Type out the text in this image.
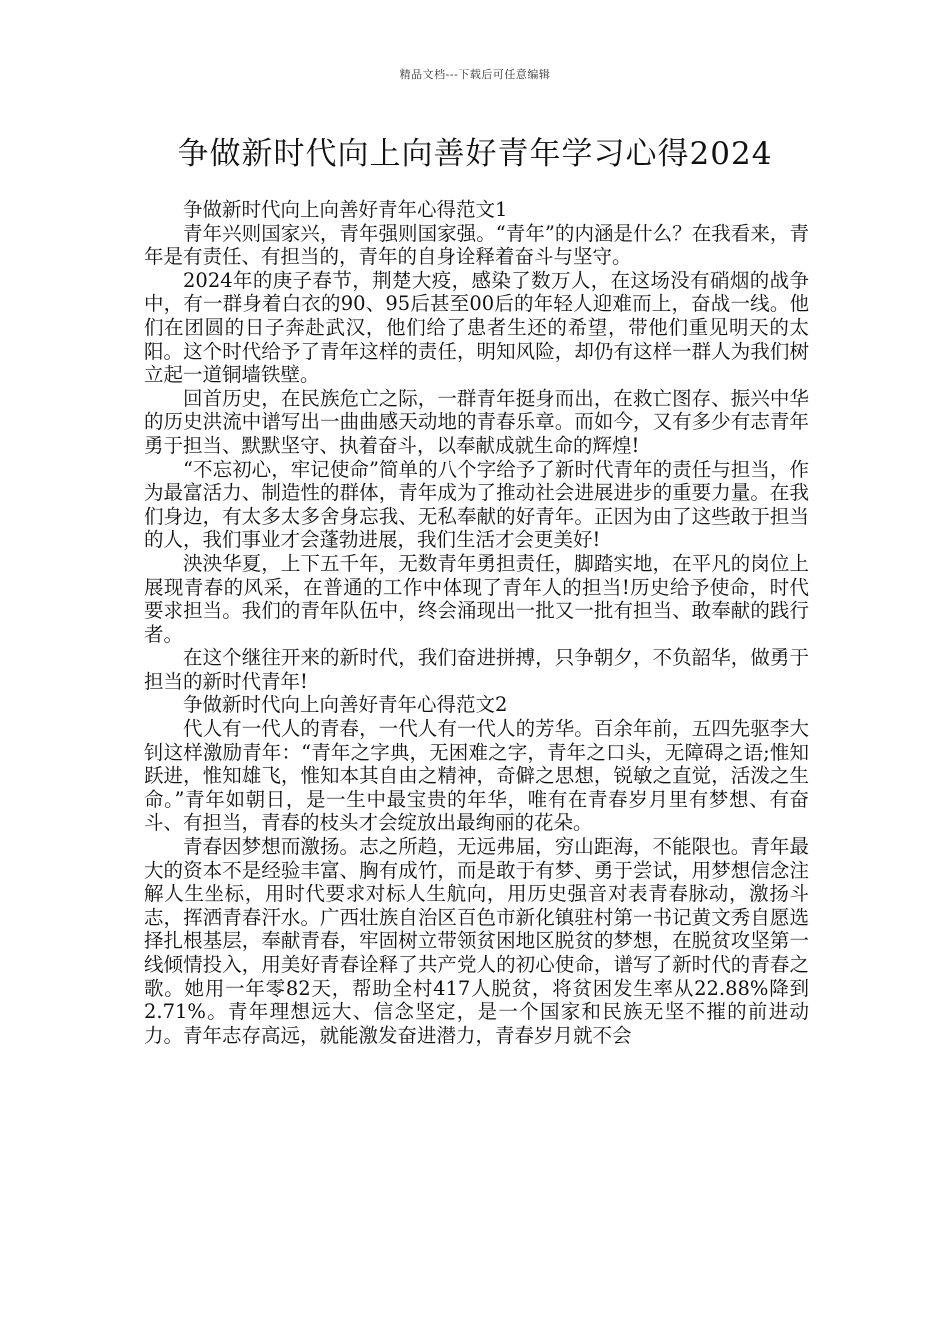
精品文档---下载后可任意编辑
争做新时代向上向善好青年学习心得2024

争做新时代向上向善好青年心得范文1

青年兴则国家兴，青年强则国家强。“青年”的内涵是什么？在我看来，青年是有责任、有担当的，青年的自身诠释着奋斗与坚守。

2024年的庚子春节，荆楚大疫，感染了数万人，在这场没有硝烟的战争中，有一群身着白衣的90、95后甚至00后的年轻人迎难而上，奋战一线。他们在团圆的日子奔赴武汉，他们给了患者生还的希望，带他们重见明天的太阳。这个时代给予了青年这样的责任，明知风险，却仍有这样一群人为我们树立起一道铜墙铁壁。

回首历史，在民族危亡之际，一群青年挺身而出，在救亡图存、振兴中华的历史洪流中谱写出一曲曲感天动地的青春乐章。而如今，又有多少有志青年勇于担当、默默坚守、执着奋斗，以奉献成就生命的辉煌!

“不忘初心，牢记使命”简单的八个字给予了新时代青年的责任与担当，作为最富活力、制造性的群体，青年成为了推动社会进展进步的重要力量。在我们身边，有太多太多舍身忘我、无私奉献的好青年。正因为由了这些敢于担当的人，我们事业才会蓬勃进展，我们生活才会更美好!

泱泱华夏，上下五千年，无数青年勇担责任，脚踏实地，在平凡的岗位上展现青春的风采，在普通的工作中体现了青年人的担当!历史给予使命，时代要求担当。我们的青年队伍中，终会涌现出一批又一批有担当、敢奉献的践行者。

在这个继往开来的新时代，我们奋进拼搏，只争朝夕，不负韶华，做勇于担当的新时代青年!

争做新时代向上向善好青年心得范文2

代人有一代人的青春，一代人有一代人的芳华。百余年前，五四先驱李大钊这样激励青年：“青年之字典，无困难之字，青年之口头，无障碍之语;惟知跃进，惟知雄飞，惟知本其自由之精神，奇僻之思想，锐敏之直觉，活泼之生命。”青年如朝日，是一生中最宝贵的年华，唯有在青春岁月里有梦想、有奋斗、有担当，青春的枝头才会绽放出最绚丽的花朵。

青春因梦想而激扬。志之所趋，无远弗届，穷山距海，不能限也。青年最大的资本不是经验丰富、胸有成竹，而是敢于有梦、勇于尝试，用梦想信念注解人生坐标，用时代要求对标人生航向，用历史强音对表青春脉动，激扬斗志，挥洒青春汗水。广西壮族自治区百色市新化镇驻村第一书记黄文秀自愿选择扎根基层，奉献青春，牢固树立带领贫困地区脱贫的梦想，在脱贫攻坚第一线倾情投入，用美好青春诠释了共产党人的初心使命，谱写了新时代的青春之歌。她用一年零82天，帮助全村417人脱贫，将贫困发生率从22.88%降到2.71%。青年理想远大、信念坚定，是一个国家和民族无坚不摧的前进动力。青年志存高远，就能激发奋进潜力，青春岁月就不会
